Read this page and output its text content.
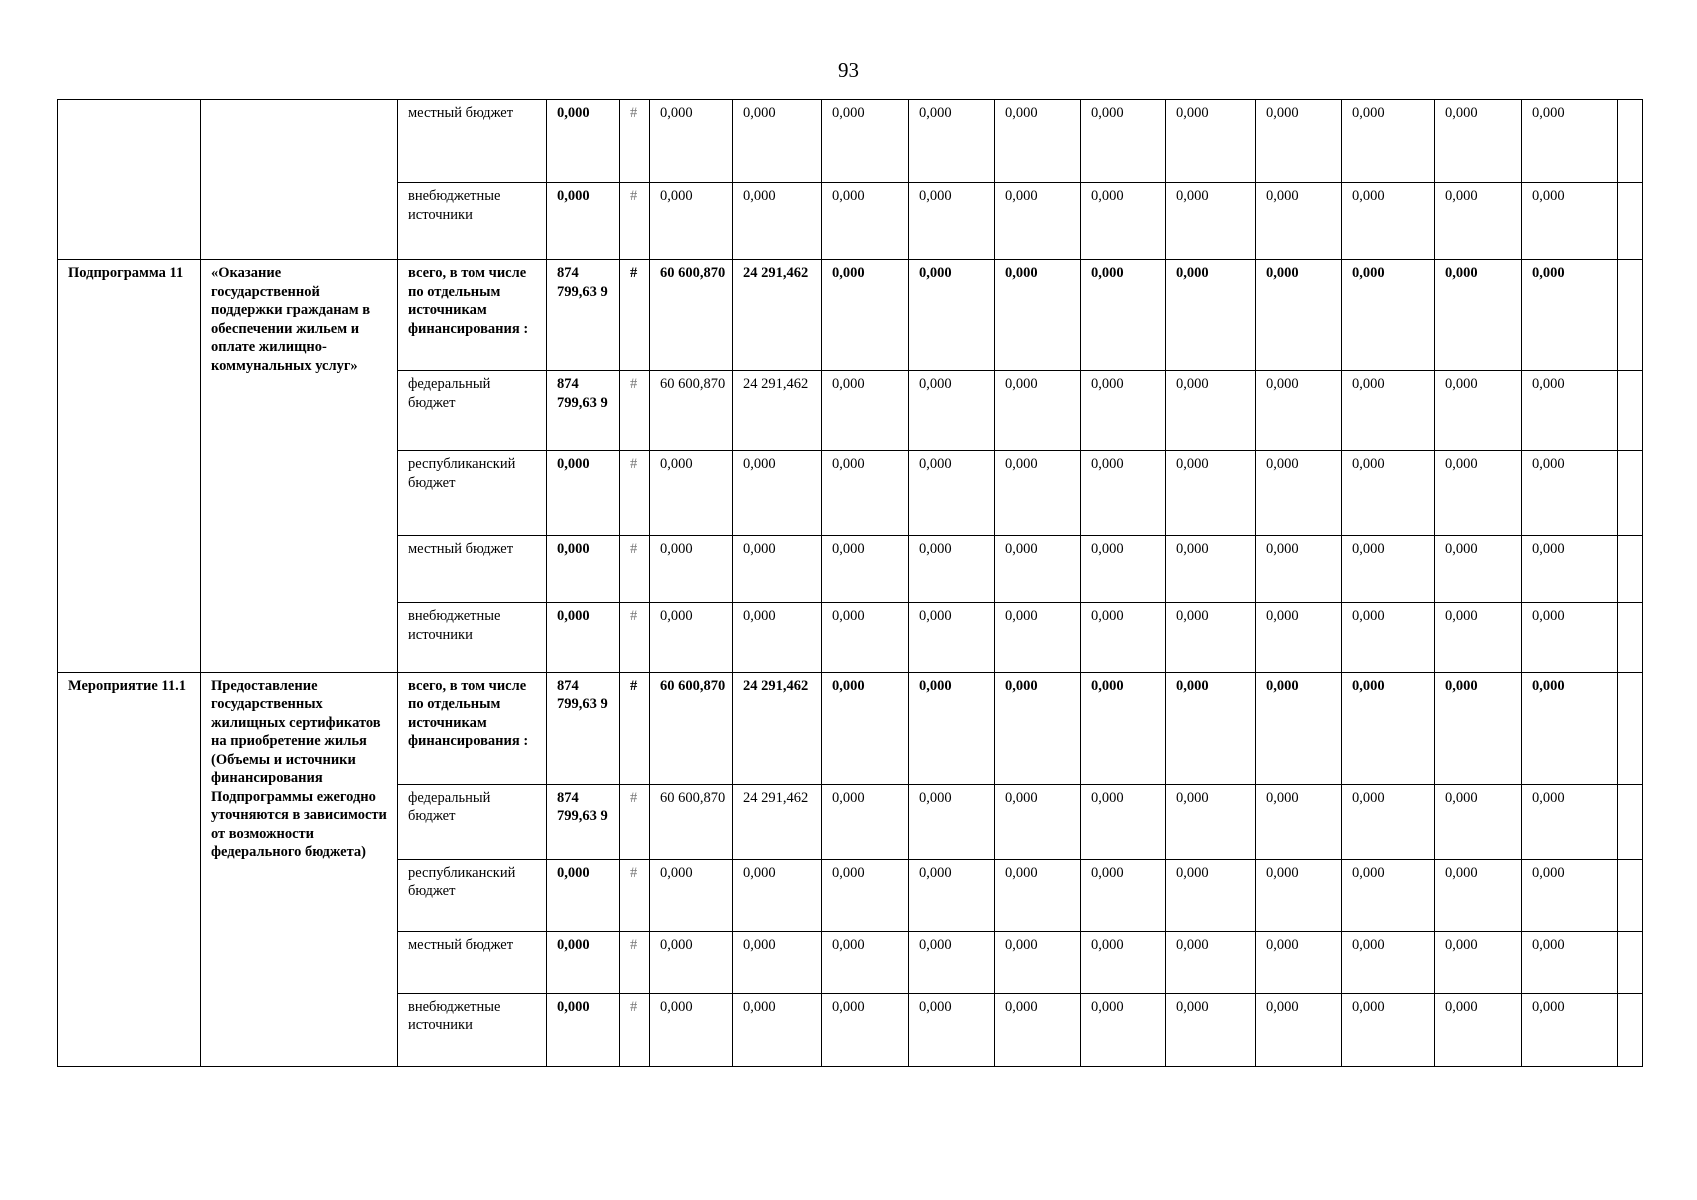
93
		местный бюджет	0,000	#	0,000	0,000	0,000	0,000	0,000	0,000	0,000	0,000	0,000	0,000	0,000	
		внебюджетные источники	0,000	#	0,000	0,000	0,000	0,000	0,000	0,000	0,000	0,000	0,000	0,000	0,000	
Подпрограмма 11	«Оказание государственной поддержки гражданам в обеспечении жильем и оплате жилищно-коммунальных услуг»	всего, в том числе по отдельным источникам финансирования :	874 799,63 9	#	60 600,870	24 291,462	0,000	0,000	0,000	0,000	0,000	0,000	0,000	0,000	0,000	
		федеральный бюджет	874 799,63 9	#	60 600,870	24 291,462	0,000	0,000	0,000	0,000	0,000	0,000	0,000	0,000	0,000	
		республиканский бюджет	0,000	#	0,000	0,000	0,000	0,000	0,000	0,000	0,000	0,000	0,000	0,000	0,000	
		местный бюджет	0,000	#	0,000	0,000	0,000	0,000	0,000	0,000	0,000	0,000	0,000	0,000	0,000	
		внебюджетные источники	0,000	#	0,000	0,000	0,000	0,000	0,000	0,000	0,000	0,000	0,000	0,000	0,000	
Мероприятие 11.1	Предоставление государственных жилищных сертификатов на приобретение жилья (Объемы и источники финансирования Подпрограммы ежегодно уточняются в зависимости от возможности федерального бюджета)	всего, в том числе по отдельным источникам финансирования :	874 799,63 9	#	60 600,870	24 291,462	0,000	0,000	0,000	0,000	0,000	0,000	0,000	0,000	0,000	
		федеральный бюджет	874 799,63 9	#	60 600,870	24 291,462	0,000	0,000	0,000	0,000	0,000	0,000	0,000	0,000	0,000	
		республиканский бюджет	0,000	#	0,000	0,000	0,000	0,000	0,000	0,000	0,000	0,000	0,000	0,000	0,000	
		местный бюджет	0,000	#	0,000	0,000	0,000	0,000	0,000	0,000	0,000	0,000	0,000	0,000	0,000	
		внебюджетные источники	0,000	#	0,000	0,000	0,000	0,000	0,000	0,000	0,000	0,000	0,000	0,000	0,000	
